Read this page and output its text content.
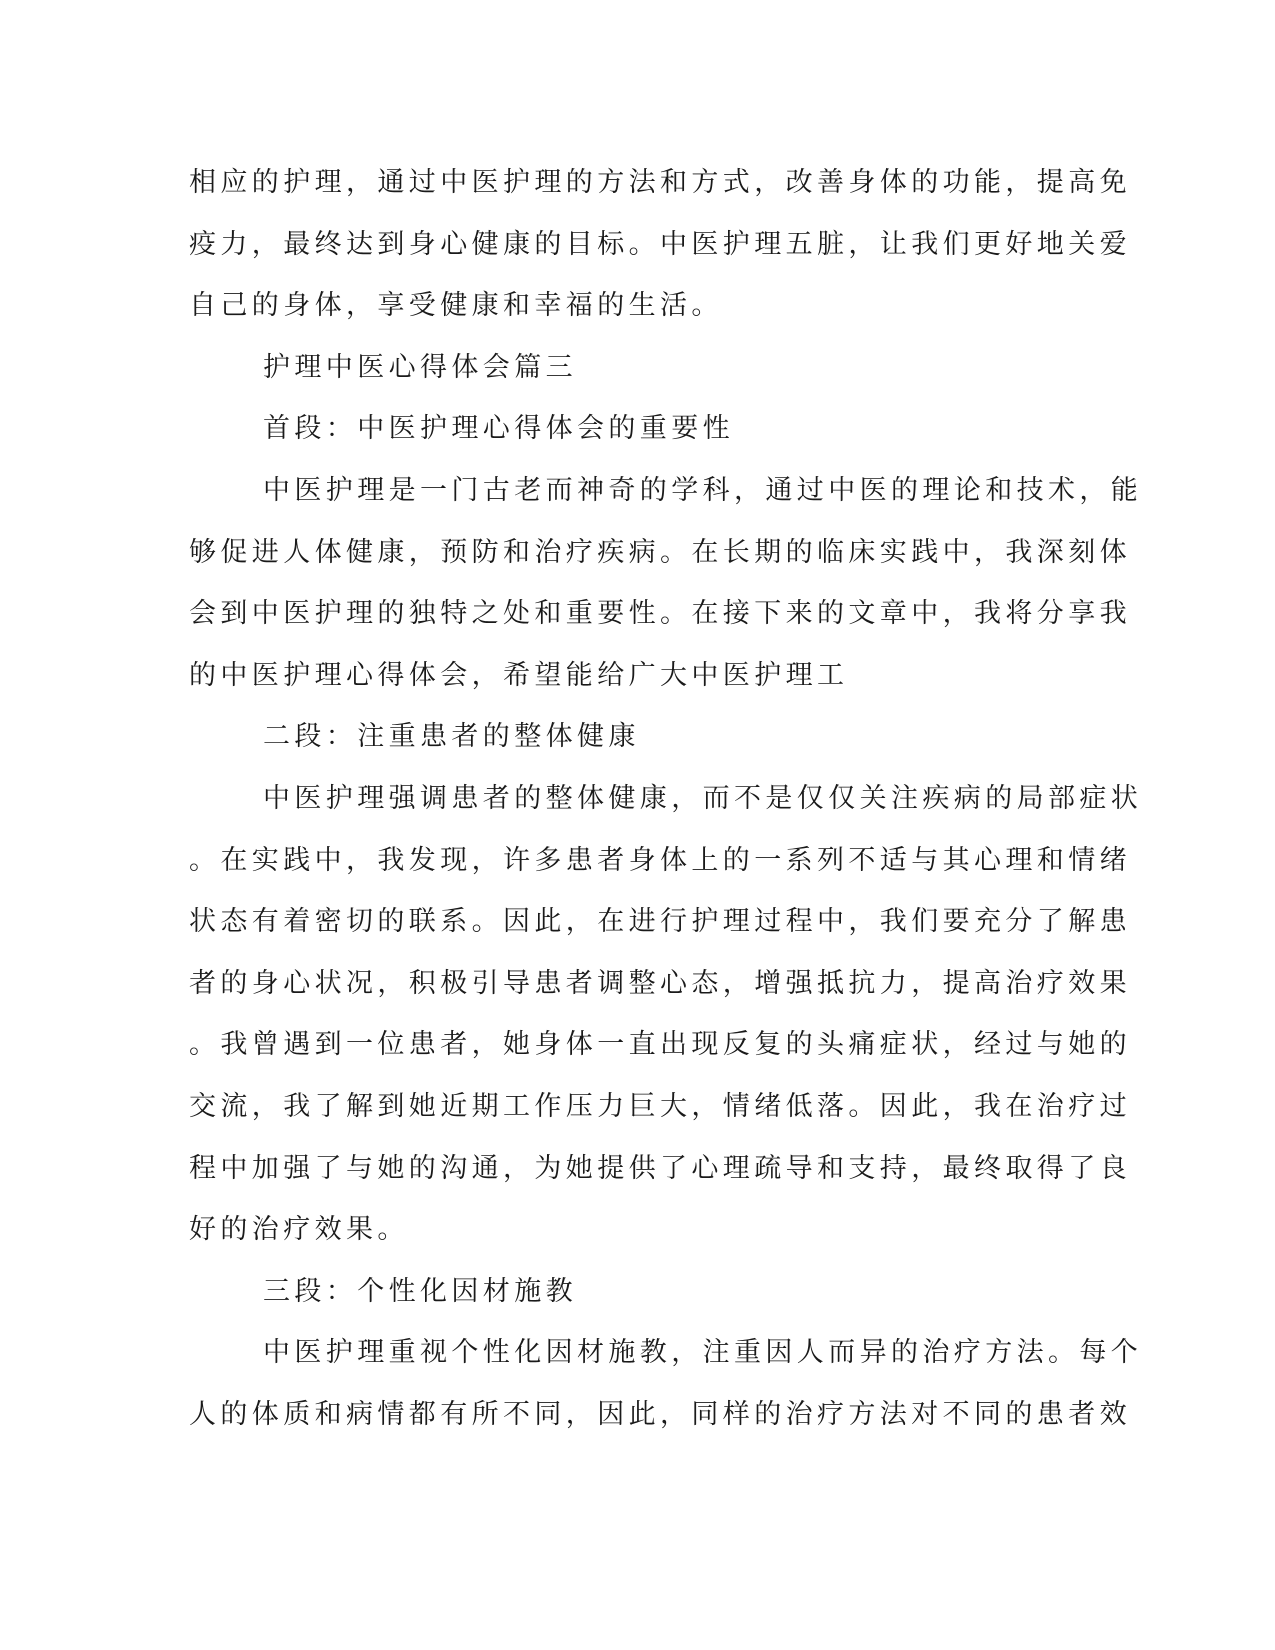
相应的护理，通过中医护理的方法和方式，改善身体的功能，提高免
疫力，最终达到身心健康的目标。中医护理五脏，让我们更好地关爱
自己的身体，享受健康和幸福的生活。
护理中医心得体会篇三
首段：中医护理心得体会的重要性
中医护理是一门古老而神奇的学科，通过中医的理论和技术，能
够促进人体健康，预防和治疗疾病。在长期的临床实践中，我深刻体
会到中医护理的独特之处和重要性。在接下来的文章中，我将分享我
的中医护理心得体会，希望能给广大中医护理工
二段：注重患者的整体健康
中医护理强调患者的整体健康，而不是仅仅关注疾病的局部症状
。在实践中，我发现，许多患者身体上的一系列不适与其心理和情绪
状态有着密切的联系。因此，在进行护理过程中，我们要充分了解患
者的身心状况，积极引导患者调整心态，增强抵抗力，提高治疗效果
。我曾遇到一位患者，她身体一直出现反复的头痛症状，经过与她的
交流，我了解到她近期工作压力巨大，情绪低落。因此，我在治疗过
程中加强了与她的沟通，为她提供了心理疏导和支持，最终取得了良
好的治疗效果。
三段：个性化因材施教
中医护理重视个性化因材施教，注重因人而异的治疗方法。每个
人的体质和病情都有所不同，因此，同样的治疗方法对不同的患者效
